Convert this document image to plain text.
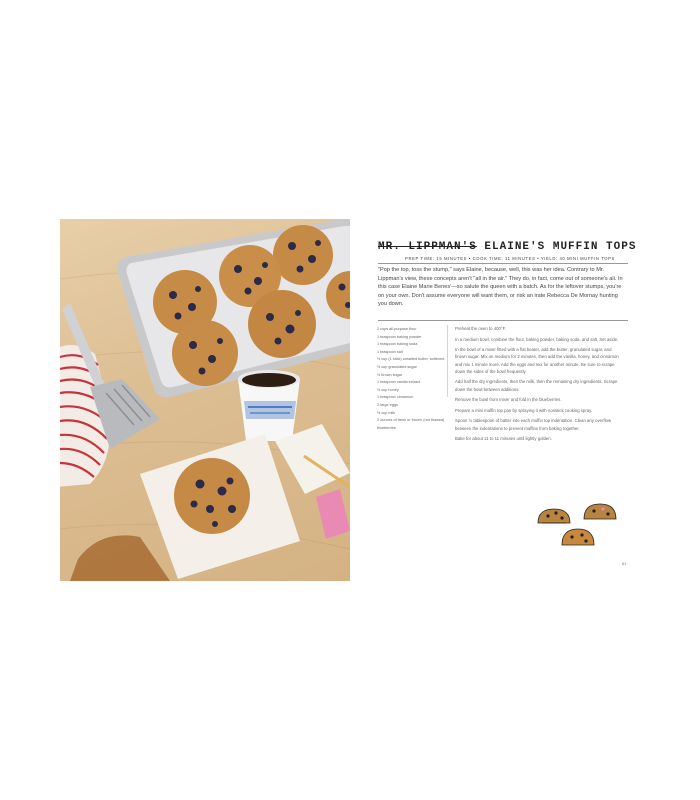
MR. LIPPMAN'S ELAINE'S MUFFIN TOPS
PREP TIME: 15 MINUTES • COOK TIME: 11 MINUTES • YIELD: 40 MINI MUFFIN TOPS

"Pop the top, toss the stump," says Elaine, because, well, this was her idea. Contrary to Mr. Lippman's view, these concepts aren't "all in the air." They do, in fact, come out of someone's ali. In this case Elaine Marie Benes'—so salute the queen with a batch. As for the leftover stumps, you're on your own. Don't assume everyone will want them, or risk an irate Rebecca De Mornay hunting you down.

2 cups all-purpose flour
1 teaspoon baking powder
1 teaspoon baking soda
1 teaspoon salt
½ cup (1 stick) unsalted butter, softened
½ cup granulated sugar
½ brown sugar
1 teaspoon vanilla extract
½ cup honey
1 teaspoon cinnamon
2 large eggs
½ cup milk
2 ounces of fresh or frozen (not thawed) blueberries
Preheat the oven to 400°F.
In a medium bowl, combine the flour, baking powder, baking soda, and salt. Set aside.
In the bowl of a mixer fitted with a flat beater, add the butter, granulated sugar, and brown sugar. Mix on medium for 2 minutes, then add the vanilla, honey, and cinnamon and mix 1 minute more. Add the eggs and mix for another minute. Be sure to scrape down the sides of the bowl frequently.
Add half the dry ingredients, then the milk, then the remaining dry ingredients. Scrape down the bowl between additions.
Remove the bowl from mixer and fold in the blueberries.
Prepare a mini muffin top pan by spraying it with nonstick cooking spray.
Spoon ½ tablespoon of batter into each muffin top indentation. Clean any overflow between the indentations to prevent muffins from baking together.
Bake for about 11 to 11 minutes until lightly golden.
61
